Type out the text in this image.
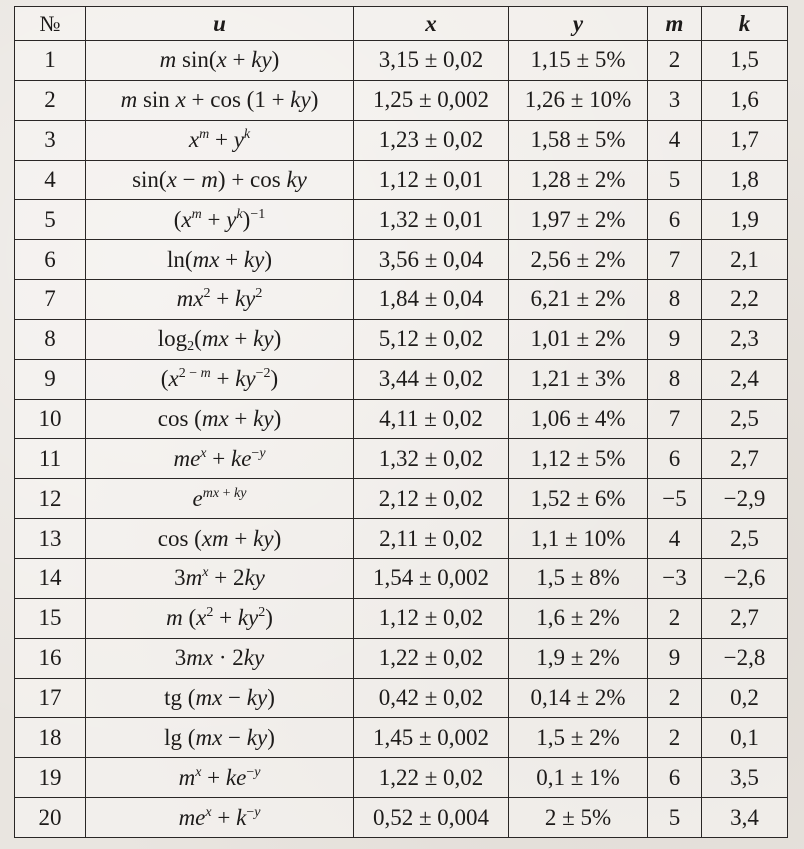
№	u	x	y	m	k
1	m sin(x + ky)	3,15 ± 0,02	1,15 ± 5%	2	1,5
2	m sin x + cos (1 + ky)	1,25 ± 0,002	1,26 ± 10%	3	1,6
3	$x^m + y^k$	1,23 ± 0,02	1,58 ± 5%	4	1,7
4	sin(x − m) + cos ky	1,12 ± 0,01	1,28 ± 2%	5	1,8
5	$(x^m + y^k)^{-1}$	1,32 ± 0,01	1,97 ± 2%	6	1,9
6	ln(mx + ky)	3,56 ± 0,04	2,56 ± 2%	7	2,1
7	$mx^2 + ky^2$	1,84 ± 0,04	6,21 ± 2%	8	2,2
8	$\log_2(mx + ky)$	5,12 ± 0,02	1,01 ± 2%	9	2,3
9	$(x^{2 - m} + ky^{-2})$	3,44 ± 0,02	1,21 ± 3%	8	2,4
10	cos (mx + ky)	4,11 ± 0,02	1,06 ± 4%	7	2,5
11	$me^x + ke^{-y}$	1,32 ± 0,02	1,12 ± 5%	6	2,7
12	$e^{mx + ky}$	2,12 ± 0,02	1,52 ± 6%	−5	−2,9
13	cos (xm + ky)	2,11 ± 0,02	1,1 ± 10%	4	2,5
14	$3m^x + 2ky$	1,54 ± 0,002	1,5 ± 8%	−3	−2,6
15	m $(x^2 + ky^2)$	1,12 ± 0,02	1,6 ± 2%	2	2,7
16	3mx · 2ky	1,22 ± 0,02	1,9 ± 2%	9	−2,8
17	tg (mx − ky)	0,42 ± 0,02	0,14 ± 2%	2	0,2
18	lg (mx − ky)	1,45 ± 0,002	1,5 ± 2%	2	0,1
19	$m^x + ke^{-y}$	1,22 ± 0,02	0,1 ± 1%	6	3,5
20	$me^x + k^{-y}$	0,52 ± 0,004	2 ± 5%	5	3,4
